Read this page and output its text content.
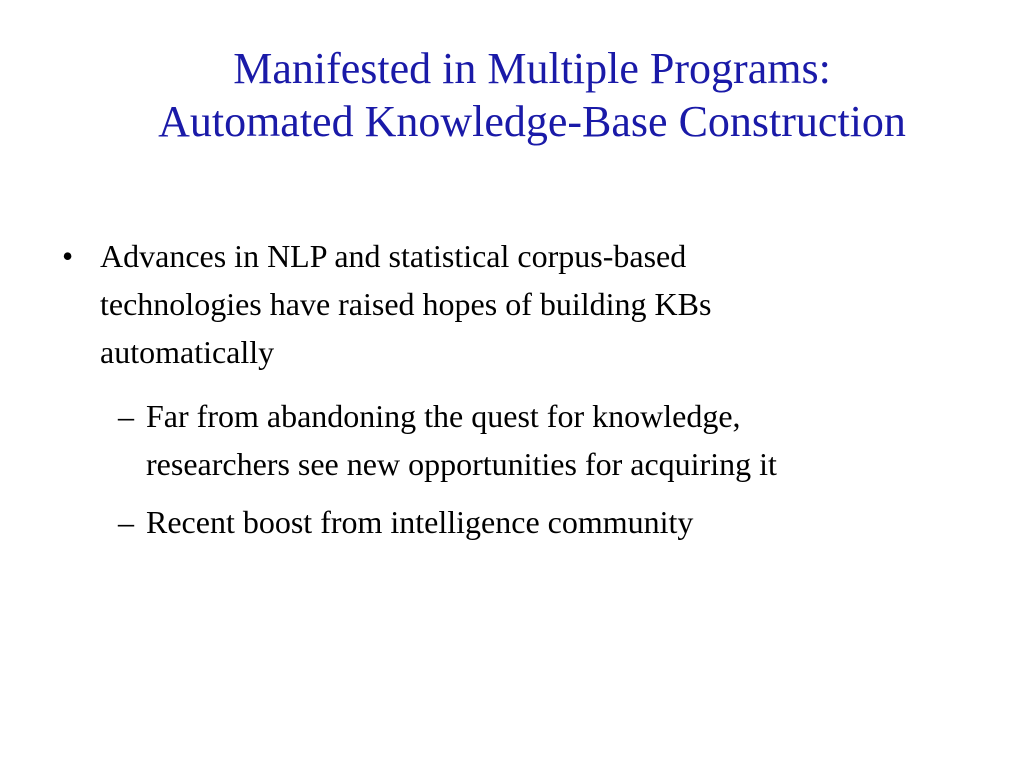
Manifested in Multiple Programs:
Automated Knowledge-Base Construction
• Advances in NLP and statistical corpus-based
technologies have raised hopes of building KBs
automatically
– Far from abandoning the quest for knowledge,
researchers see new opportunities for acquiring it
– Recent boost from intelligence community
